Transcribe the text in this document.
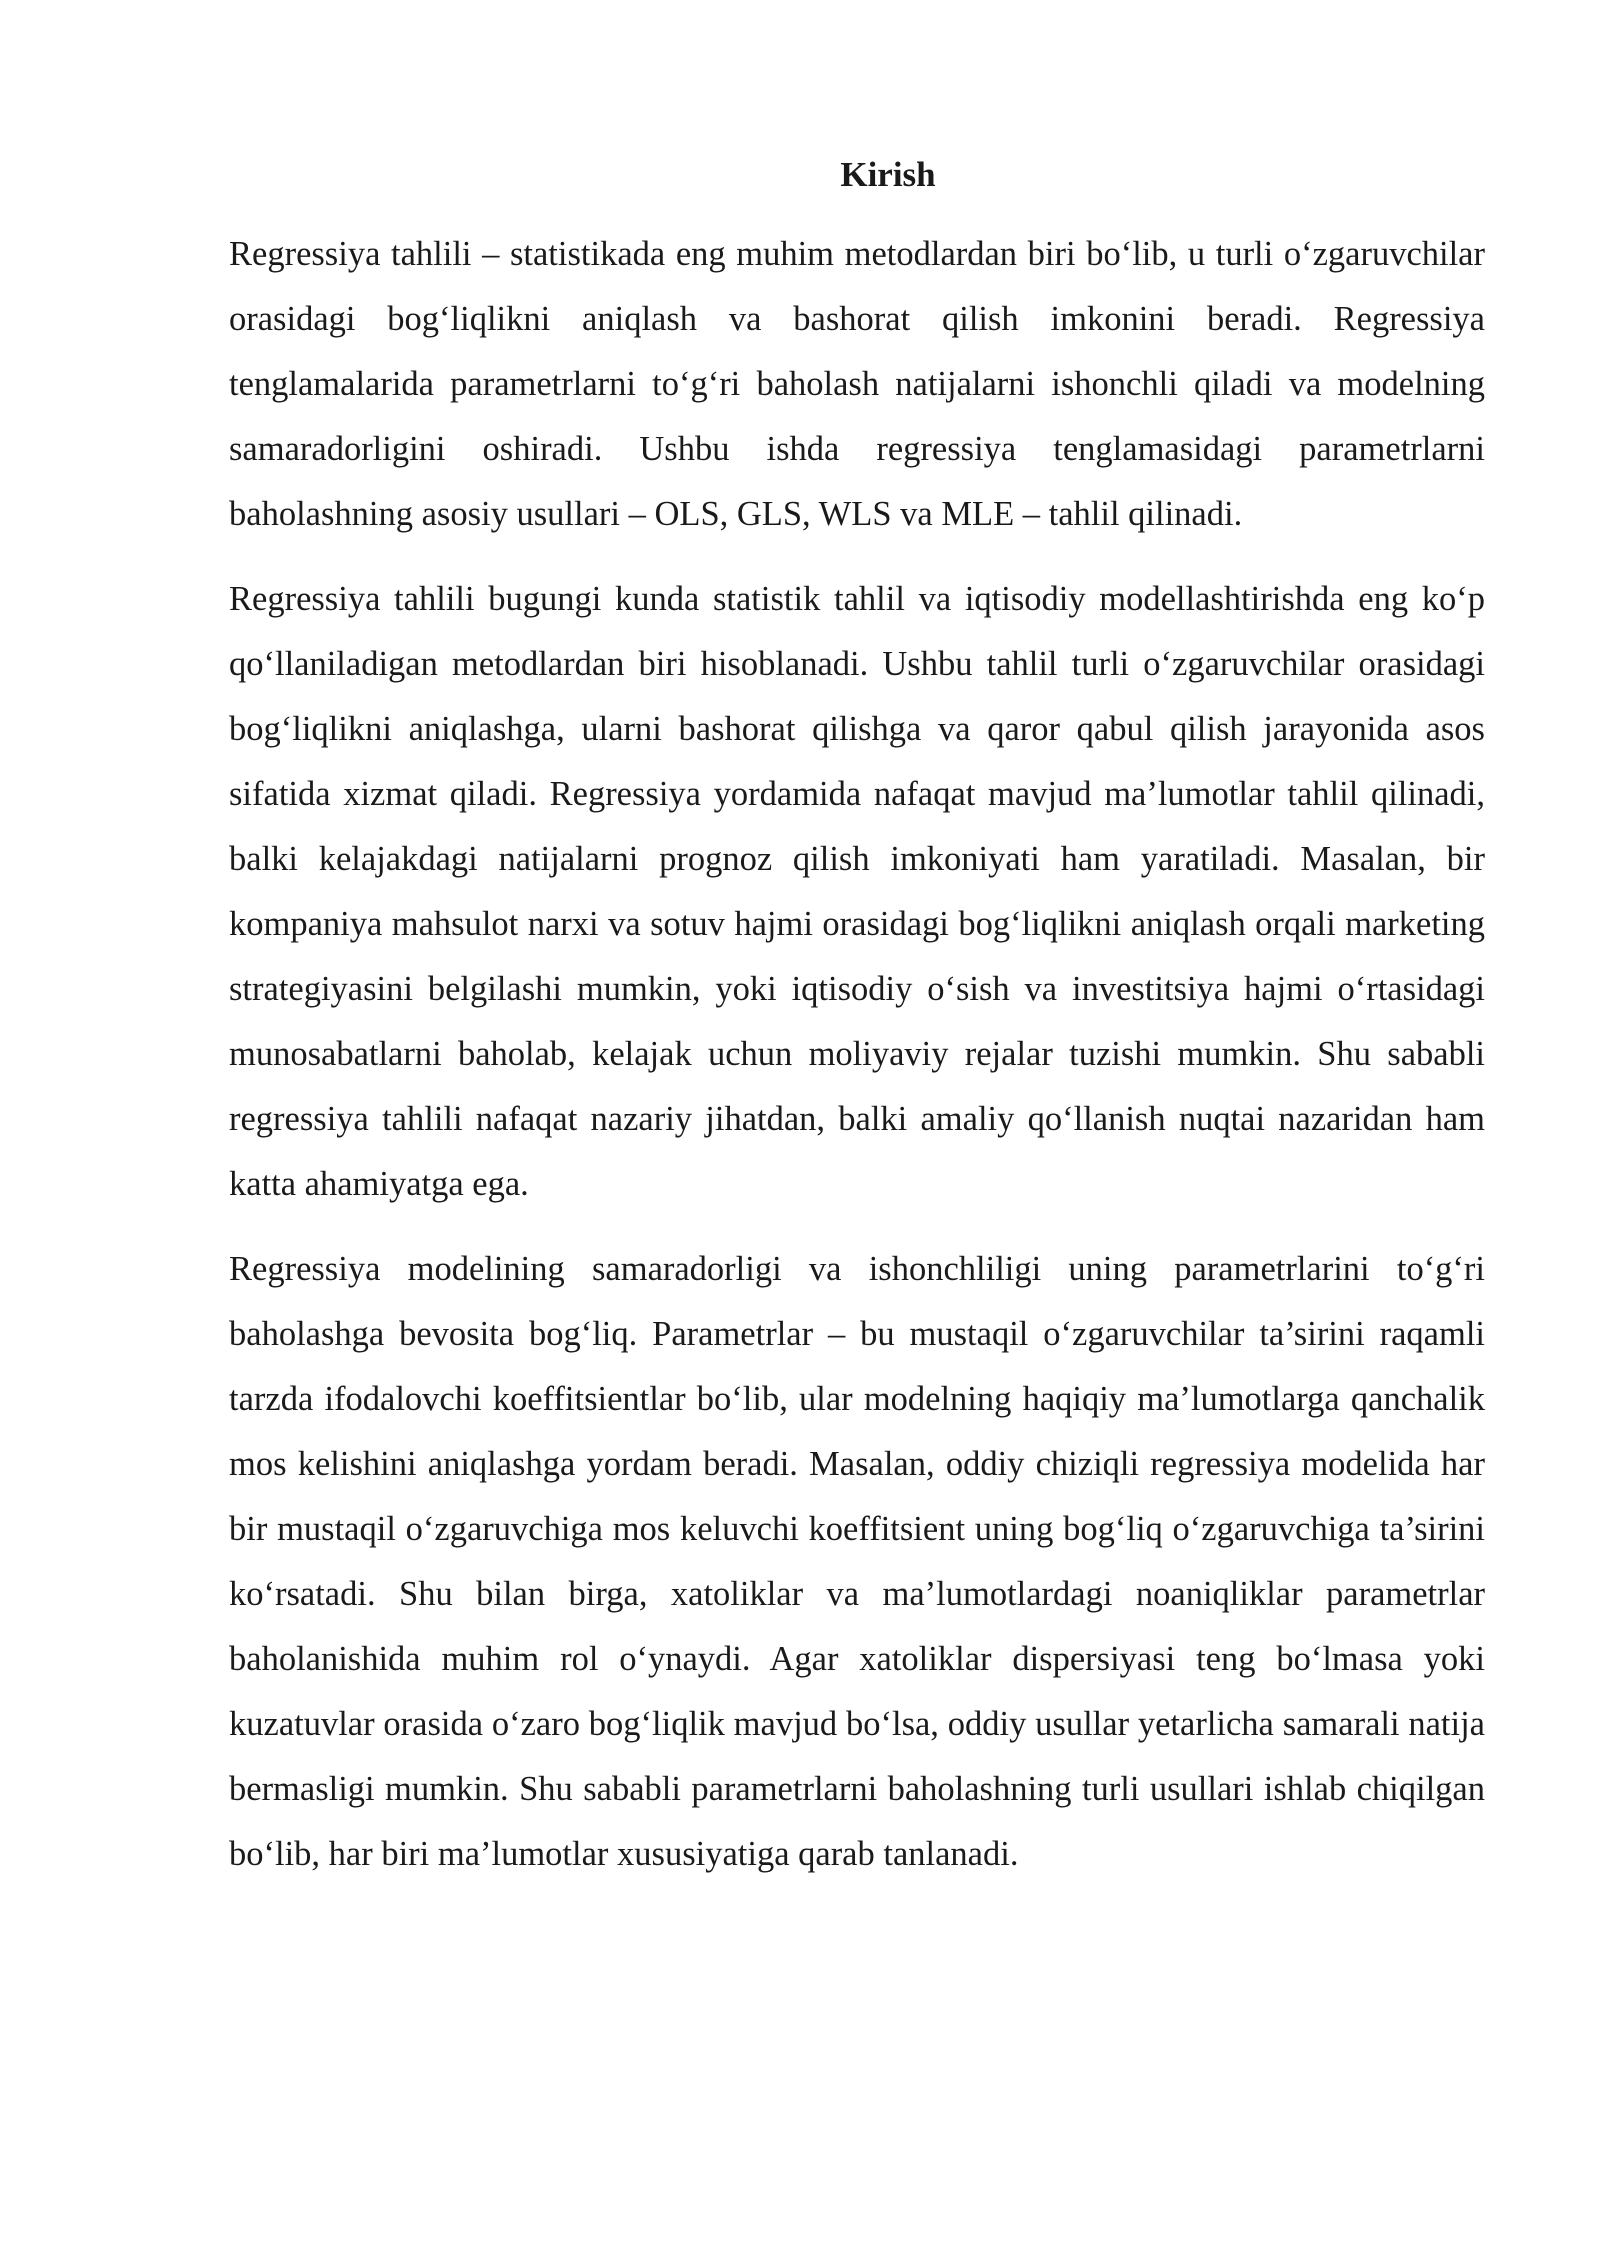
Kirish

Regressiya tahlili – statistikada eng muhim metodlardan biri bo‘lib, u turli o‘zgaruvchilar orasidagi bog‘liqlikni aniqlash va bashorat qilish imkonini beradi. Regressiya tenglamalarida parametrlarni to‘g‘ri baholash natijalarni ishonchli qiladi va modelning samaradorligini oshiradi. Ushbu ishda regressiya tenglamasidagi parametrlarni baholashning asosiy usullari – OLS, GLS, WLS va MLE – tahlil qilinadi.

Regressiya tahlili bugungi kunda statistik tahlil va iqtisodiy modellashtirishda eng ko‘p qo‘llaniladigan metodlardan biri hisoblanadi. Ushbu tahlil turli o‘zgaruvchilar orasidagi bog‘liqlikni aniqlashga, ularni bashorat qilishga va qaror qabul qilish jarayonida asos sifatida xizmat qiladi. Regressiya yordamida nafaqat mavjud ma’lumotlar tahlil qilinadi, balki kelajakdagi natijalarni prognoz qilish imkoniyati ham yaratiladi. Masalan, bir kompaniya mahsulot narxi va sotuv hajmi orasidagi bog‘liqlikni aniqlash orqali marketing strategiyasini belgilashi mumkin, yoki iqtisodiy o‘sish va investitsiya hajmi o‘rtasidagi munosabatlarni baholab, kelajak uchun moliyaviy rejalar tuzishi mumkin. Shu sababli regressiya tahlili nafaqat nazariy jihatdan, balki amaliy qo‘llanish nuqtai nazaridan ham katta ahamiyatga ega.

Regressiya modelining samaradorligi va ishonchliligi uning parametrlarini to‘g‘ri baholashga bevosita bog‘liq. Parametrlar – bu mustaqil o‘zgaruvchilar ta’sirini raqamli tarzda ifodalovchi koeffitsientlar bo‘lib, ular modelning haqiqiy ma’lumotlarga qanchalik mos kelishini aniqlashga yordam beradi. Masalan, oddiy chiziqli regressiya modelida har bir mustaqil o‘zgaruvchiga mos keluvchi koeffitsient uning bog‘liq o‘zgaruvchiga ta’sirini ko‘rsatadi. Shu bilan birga, xatoliklar va ma’lumotlardagi noaniqliklar parametrlar baholanishida muhim rol o‘ynaydi. Agar xatoliklar dispersiyasi teng bo‘lmasa yoki kuzatuvlar orasida o‘zaro bog‘liqlik mavjud bo‘lsa, oddiy usullar yetarlicha samarali natija bermasligi mumkin. Shu sababli parametrlarni baholashning turli usullari ishlab chiqilgan bo‘lib, har biri ma’lumotlar xususiyatiga qarab tanlanadi.
